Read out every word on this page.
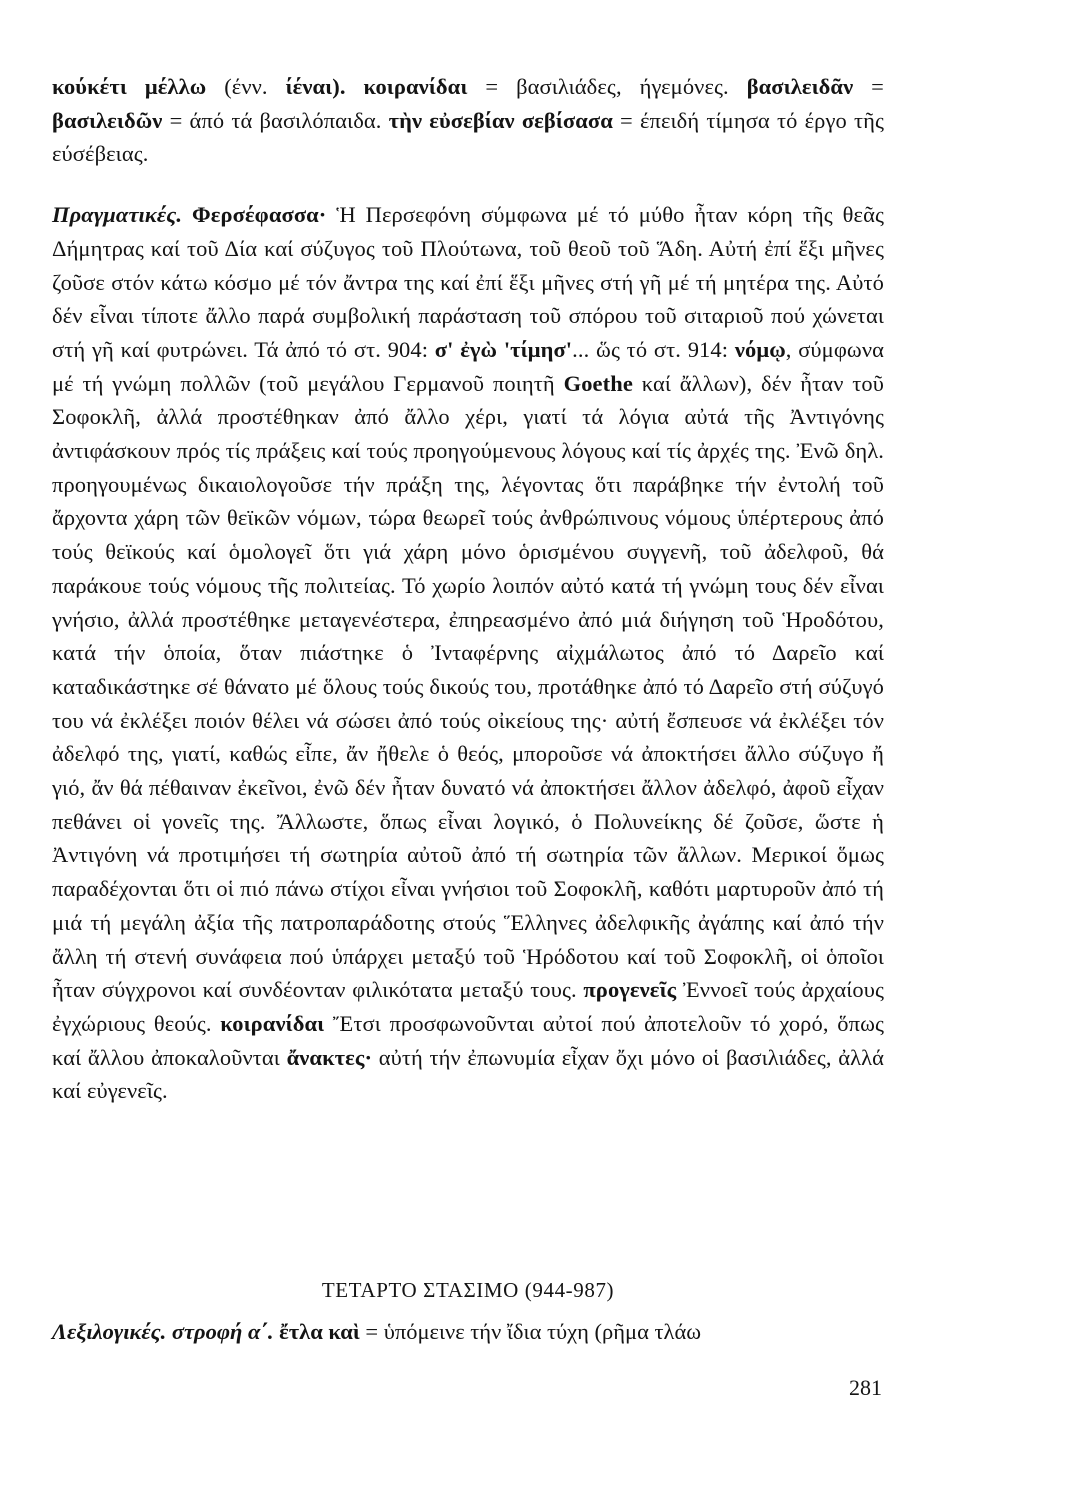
κούκέτι μέλλω (ένν. ίέναι). κοιρανίδαι = βασιλιάδες, ήγεμόνες. βασιλειδᾶν = βασιλειδῶν = άπό τά βασιλόπαιδα. τὴν εὐσεβίαν σεβίσασα = έπειδή τίμησα τό έργο τῆς εύσέβειας.

Πραγματικές. Φερσέφασσα· Ἡ Περσεφόνη σύμφωνα μέ τό μύθο ἦταν κόρη τῆς θεᾶς Δήμητρας καί τοῦ Δία καί σύζυγος τοῦ Πλούτωνα, τοῦ θεοῦ τοῦ Ἅδη. Αὐτή ἐπί ἕξι μῆνες ζοῦσε στόν κάτω κόσμο μέ τόν ἄντρα της καί ἐπί ἕξι μῆνες στή γῆ μέ τή μητέρα της. Αὐτό δέν εἶναι τίποτε ἄλλο παρά συμβολική παράσταση τοῦ σπόρου τοῦ σιταριοῦ πού χώνεται στή γῆ καί φυτρώνει. Τά ἀπό τό στ. 904: σ' ἐγὼ 'τίμησ'... ὥς τό στ. 914: νόμῳ, σύμφωνα μέ τή γνώμη πολλῶν (τοῦ μεγάλου Γερμανοῦ ποιητῆ Goethe καί ἄλλων), δέν ἦταν τοῦ Σοφοκλῆ, ἀλλά προστέθηκαν ἀπό ἄλλο χέρι, γιατί τά λόγια αὐτά τῆς Ἀντιγόνης ἀντιφάσκουν πρός τίς πράξεις καί τούς προηγούμενους λόγους καί τίς ἀρχές της. Ἐνῶ δηλ. προηγουμένως δικαιολογοῦσε τήν πράξη της, λέγοντας ὅτι παράβηκε τήν ἐντολή τοῦ ἄρχοντα χάρη τῶν θεϊκῶν νόμων, τώρα θεωρεῖ τούς ἀνθρώπινους νόμους ὑπέρτερους ἀπό τούς θεϊκούς καί ὁμολογεῖ ὅτι γιά χάρη μόνο ὁρισμένου συγγενῆ, τοῦ ἀδελφοῦ, θά παράκουε τούς νόμους τῆς πολιτείας. Τό χωρίο λοιπόν αὐτό κατά τή γνώμη τους δέν εἶναι γνήσιο, ἀλλά προστέθηκε μεταγενέστερα, ἐπηρεασμένο ἀπό μιά διήγηση τοῦ Ἡροδότου, κατά τήν ὁποία, ὅταν πιάστηκε ὁ Ἰνταφέρνης αἰχμάλωτος ἀπό τό Δαρεῖο καί καταδικάστηκε σέ θάνατο μέ ὅλους τούς δικούς του, προτάθηκε ἀπό τό Δαρεῖο στή σύζυγό του νά ἐκλέξει ποιόν θέλει νά σώσει ἀπό τούς οἰκείους της· αὐτή ἔσπευσε νά ἐκλέξει τόν ἀδελφό της, γιατί, καθώς εἶπε, ἄν ἤθελε ὁ θεός, μποροῦσε νά ἀποκτήσει ἄλλο σύζυγο ἤ γιό, ἄν θά πέθαιναν ἐκεῖνοι, ἐνῶ δέν ἦταν δυνατό νά ἀποκτήσει ἄλλον ἀδελφό, ἀφοῦ εἶχαν πεθάνει οἱ γονεῖς της. Ἄλλωστε, ὅπως εἶναι λογικό, ὁ Πολυνείκης δέ ζοῦσε, ὥστε ἡ Ἀντιγόνη νά προτιμήσει τή σωτηρία αὐτοῦ ἀπό τή σωτηρία τῶν ἄλλων. Μερικοί ὅμως παραδέχονται ὅτι οἱ πιό πάνω στίχοι εἶναι γνήσιοι τοῦ Σοφοκλῆ, καθότι μαρτυροῦν ἀπό τή μιά τή μεγάλη ἀξία τῆς πατροπαράδοτης στούς Ἕλληνες ἀδελφικῆς ἀγάπης καί ἀπό τήν ἄλλη τή στενή συνάφεια πού ὑπάρχει μεταξύ τοῦ Ἡρόδοτου καί τοῦ Σοφοκλῆ, οἱ ὁποῖοι ἦταν σύγχρονοι καί συνδέονταν φιλικότατα μεταξύ τους. προγενεῖς Ἐννοεῖ τούς ἀρχαίους ἐγχώριους θεούς. κοιρανίδαι Ἔτσι προσφωνοῦνται αὐτοί πού ἀποτελοῦν τό χορό, ὅπως καί ἄλλου ἀποκαλοῦνται ἄνακτες· αὐτή τήν ἐπωνυμία εἶχαν ὄχι μόνο οἱ βασιλιάδες, ἀλλά καί εὐγενεῖς.

ΤΕΤΑΡΤΟ ΣΤΑΣΙΜΟ (944-987)
Λεξιλογικές. στροφή α΄. ἔτλα καὶ = ὑπόμεινε τήν ἴδια τύχη (ρῆμα τλάω
281
